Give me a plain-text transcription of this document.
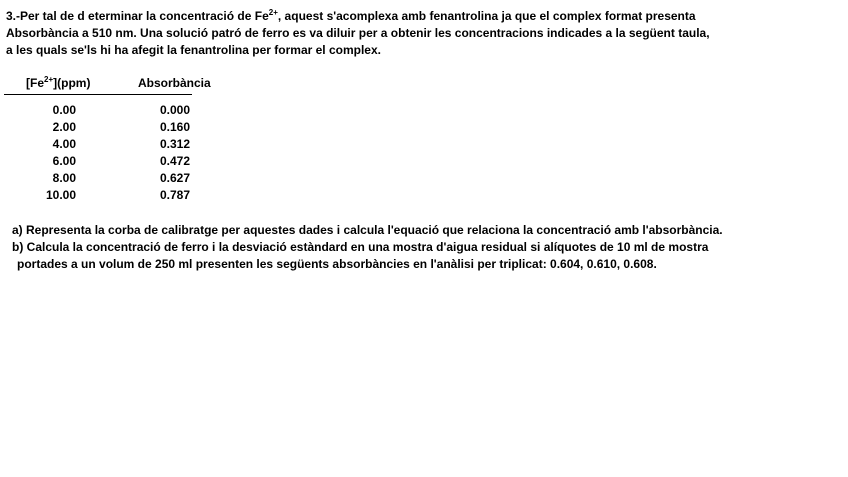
3.-Per tal de d eterminar la concentració de $Fe^{2+}$, aquest s'acomplexa amb fenantrolina ja que el complex format presenta
Absorbància a 510 nm. Una solució patró de ferro es va diluir per a obtenir les concentracions indicades a la següent taula,
a les quals se'ls hi ha afegit la fenantrolina per formar el complex.
$[Fe^{2+}](ppm)$	Absorbància
0.00	0.000
2.00	0.160
4.00	0.312
6.00	0.472
8.00	0.627
10.00	0.787
a) Representa la corba de calibratge per aquestes dades i calcula l'equació que relaciona la concentració amb l'absorbància.
b) Calcula la concentració de ferro i la desviació estàndard en una mostra d'aigua residual si alíquotes de 10 ml de mostra
portades a un volum de 250 ml presenten les següents absorbàncies en l'anàlisi per triplicat: 0.604, 0.610, 0.608.
